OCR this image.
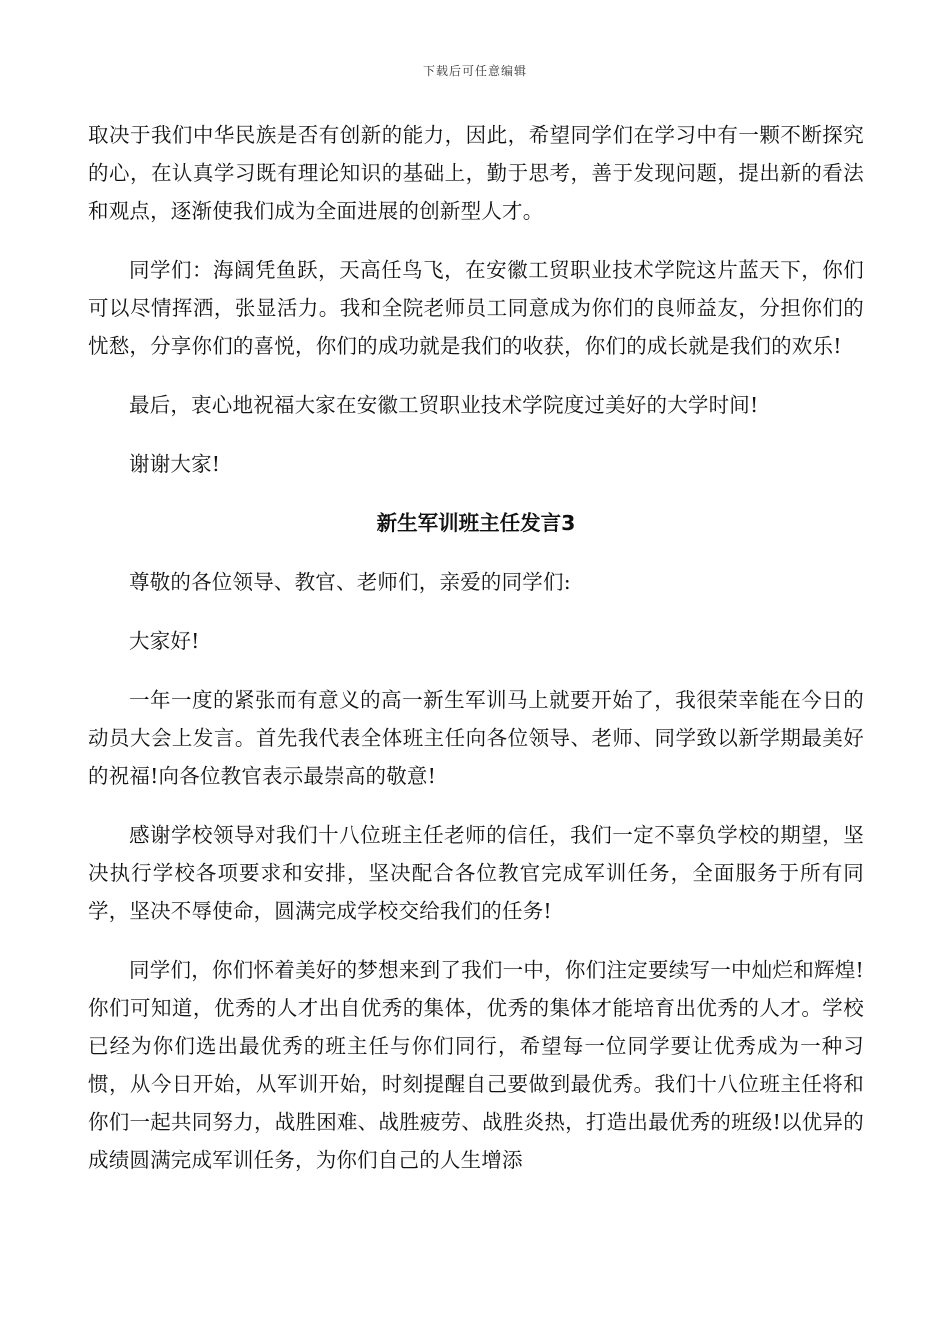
下载后可任意编辑

取决于我们中华民族是否有创新的能力，因此，希望同学们在学习中有一颗不断探究的心，在认真学习既有理论知识的基础上，勤于思考，善于发现问题，提出新的看法和观点，逐渐使我们成为全面进展的创新型人才。

同学们：海阔凭鱼跃，天高任鸟飞，在安徽工贸职业技术学院这片蓝天下，你们可以尽情挥洒，张显活力。我和全院老师员工同意成为你们的良师益友，分担你们的忧愁，分享你们的喜悦，你们的成功就是我们的收获，你们的成长就是我们的欢乐!

最后，衷心地祝福大家在安徽工贸职业技术学院度过美好的大学时间!

谢谢大家!

新生军训班主任发言3

尊敬的各位领导、教官、老师们，亲爱的同学们:

大家好!

一年一度的紧张而有意义的高一新生军训马上就要开始了，我很荣幸能在今日的动员大会上发言。首先我代表全体班主任向各位领导、老师、同学致以新学期最美好的祝福!向各位教官表示最崇高的敬意!

感谢学校领导对我们十八位班主任老师的信任，我们一定不辜负学校的期望，坚决执行学校各项要求和安排，坚决配合各位教官完成军训任务，全面服务于所有同学，坚决不辱使命，圆满完成学校交给我们的任务!

同学们，你们怀着美好的梦想来到了我们一中，你们注定要续写一中灿烂和辉煌!你们可知道，优秀的人才出自优秀的集体，优秀的集体才能培育出优秀的人才。学校已经为你们选出最优秀的班主任与你们同行，希望每一位同学要让优秀成为一种习惯，从今日开始，从军训开始，时刻提醒自己要做到最优秀。我们十八位班主任将和你们一起共同努力，战胜困难、战胜疲劳、战胜炎热，打造出最优秀的班级!以优异的成绩圆满完成军训任务，为你们自己的人生增添
